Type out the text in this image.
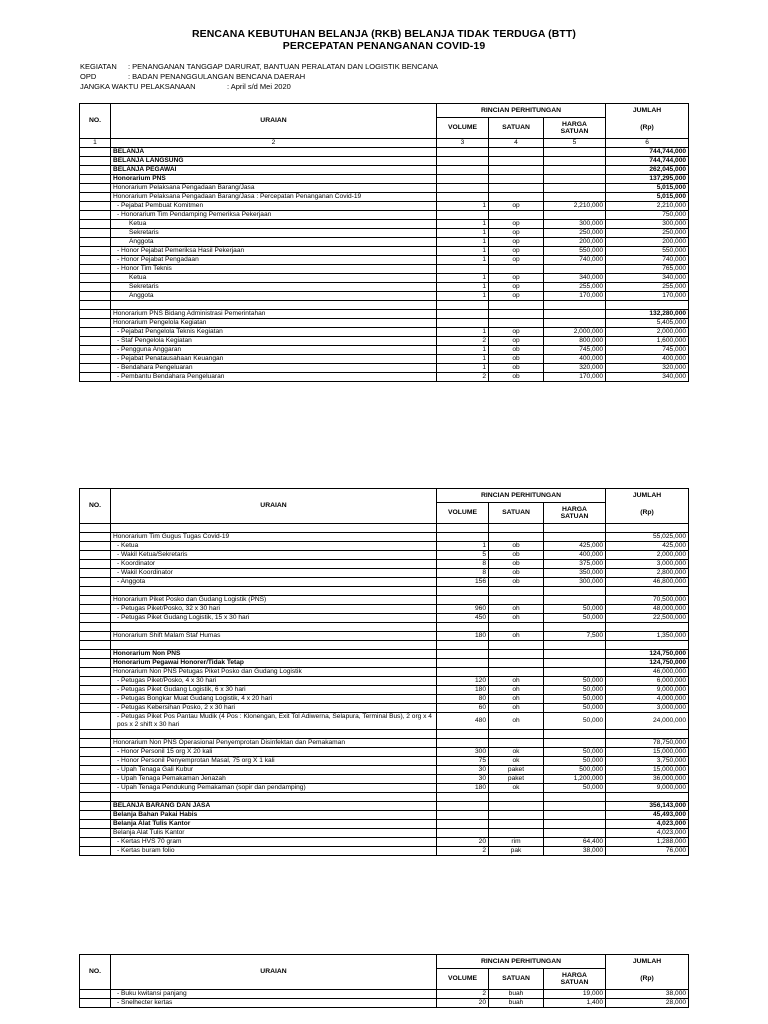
RENCANA KEBUTUHAN BELANJA (RKB) BELANJA TIDAK TERDUGA (BTT)
PERCEPATAN PENANGANAN COVID-19
KEGIATAN : PENANGANAN TANGGAP DARURAT, BANTUAN PERALATAN DAN LOGISTIK BENCANA
OPD	: BADAN PENANGGULANGAN BENCANA DAERAH
JANGKA WAKTU PELAKSANAAN	: April s/d Mei 2020
NO.	URAIAN	RINCIAN PERHITUNGAN			JUMLAH
		VOLUME	SATUAN	HARGA
SATUAN	(Rp)
1	2	3	4	5	6
	BELANJA				744,744,000
	BELANJA LANGSUNG				744,744,000
	BELANJA PEGAWAI				262,045,000
	Honorarium PNS				137,295,000
	Honorarium Pelaksana Pengadaan Barang/Jasa				5,015,000
	Honorarium Pelaksana Pengadaan Barang/Jasa : Percepatan Penanganan Covid-19				5,015,000
	- Pejabat Pembuat Komitmen	1	op	2,210,000	2,210,000
	- Honorarium Tim Pendamping Pemeriksa Pekerjaan				750,000
	Ketua	1	op	300,000	300,000
	Sekretaris	1	op	250,000	250,000
	Anggota	1	op	200,000	200,000
	- Honor Pejabat Pemeriksa Hasil Pekerjaan	1	op	550,000	550,000
	- Honor Pejabat Pengadaan	1	op	740,000	740,000
	- Honor Tim Teknis				765,000
	Ketua	1	op	340,000	340,000
	Sekretaris	1	op	255,000	255,000
	Anggota	1	op	170,000	170,000

	Honorarium PNS Bidang Administrasi Pemerintahan				132,280,000
	Honorarium Pengelola Kegiatan				5,405,000
	- Pejabat Pengelola Teknis Kegiatan	1	op	2,000,000	2,000,000
	- Staf Pengelola Kegiatan	2	op	800,000	1,600,000
	- Pengguna Anggaran	1	ob	745,000	745,000
	- Pejabat Penatausahaan Keuangan	1	ob	400,000	400,000
	- Bendahara Pengeluaran	1	ob	320,000	320,000
	- Pembantu Bendahara Pengeluaran	2	ob	170,000	340,000
NO.	URAIAN	RINCIAN PERHITUNGAN			JUMLAH
		VOLUME	SATUAN	HARGA
SATUAN	(Rp)

	Honorarium Tim Gugus Tugas Covid-19				55,025,000
	- Ketua	1	ob	425,000	425,000
	- Wakil Ketua/Sekretaris	5	ob	400,000	2,000,000
	- Koordinator	8	ob	375,000	3,000,000
	- Wakil Koordinator	8	ob	350,000	2,800,000
	- Anggota	156	ob	300,000	46,800,000

	Honorarium Piket Posko dan Gudang Logistik (PNS)				70,500,000
	- Petugas Piket/Posko, 32 x 30 hari	960	oh	50,000	48,000,000
	- Petugas Piket Gudang Logistik, 15 x 30 hari	450	oh	50,000	22,500,000

	Honorarium Shift Malam Staf Humas	180	oh	7,500	1,350,000

	Honorarium Non PNS				124,750,000
	Honorarium Pegawai Honorer/Tidak Tetap				124,750,000
	Honorarium Non PNS Petugas Piket Posko dan Gudang Logistik				46,000,000
	- Petugas Piket/Posko, 4 x 30 hari	120	oh	50,000	6,000,000
	- Petugas Piket Gudang Logistik, 6 x 30 hari	180	oh	50,000	9,000,000
	- Petugas Bongkar Muat Gudang Logistik, 4 x 20 hari	80	oh	50,000	4,000,000
	- Petugas Kebersihan Posko, 2 x 30 hari	60	oh	50,000	3,000,000
	- Petugas Piket Pos Pantau Mudik (4 Pos : Klonengan, Exit Tol Adiwerna, Selapura, Terminal Bus), 2 org x 4 pos x 2 shift x 30 hari	480	oh	50,000	24,000,000

	Honorarium Non PNS Operasional Penyemprotan Disinfektan dan Pemakaman				78,750,000
	- Honor Personil 15 org X 20 kali	300	ok	50,000	15,000,000
	- Honor Personil Penyemprotan Masal, 75 org X 1 kali	75	ok	50,000	3,750,000
	- Upah Tenaga Gali Kubur	30	paket	500,000	15,000,000
	- Upah Tenaga Pemakaman Jenazah	30	paket	1,200,000	36,000,000
	- Upah Tenaga Pendukung Pemakaman (sopir dan pendamping)	180	ok	50,000	9,000,000

	BELANJA BARANG DAN JASA				356,143,000
	Belanja Bahan Pakai Habis				45,493,000
	Belanja Alat Tulis Kantor				4,023,000
	Belanja Alat Tulis Kantor				4,023,000
	- Kertas HVS 70 gram	20	rim	64,400	1,288,000
	- Kertas buram folio	2	pak	38,000	76,000
NO.	URAIAN	RINCIAN PERHITUNGAN			JUMLAH
		VOLUME	SATUAN	HARGA
SATUAN	(Rp)
	- Buku kwitansi panjang	2	buah	19,000	38,000
	- Snelhecter kertas	20	buah	1,400	28,000
